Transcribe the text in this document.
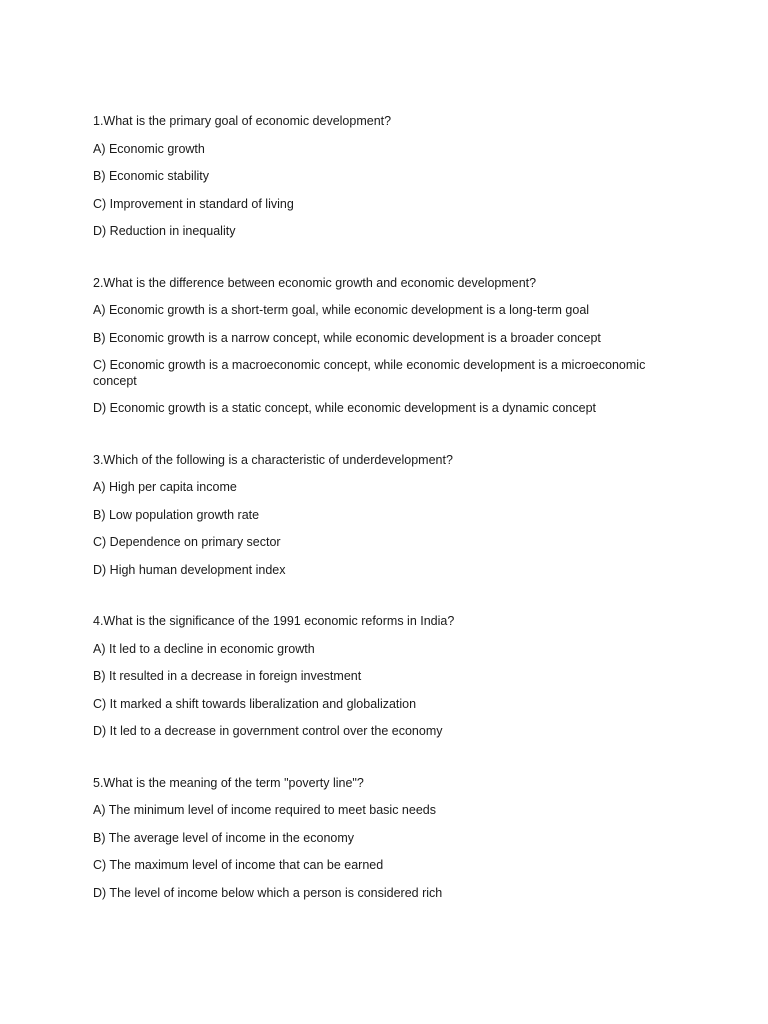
1.What is the primary goal of economic development?
A) Economic growth
B) Economic stability
C) Improvement in standard of living
D) Reduction in inequality
2.What is the difference between economic growth and economic development?
A) Economic growth is a short-term goal, while economic development is a long-term goal
B) Economic growth is a narrow concept, while economic development is a broader concept
C) Economic growth is a macroeconomic concept, while economic development is a microeconomic concept
D) Economic growth is a static concept, while economic development is a dynamic concept
3.Which of the following is a characteristic of underdevelopment?
A) High per capita income
B) Low population growth rate
C) Dependence on primary sector
D) High human development index
4.What is the significance of the 1991 economic reforms in India?
A) It led to a decline in economic growth
B) It resulted in a decrease in foreign investment
C) It marked a shift towards liberalization and globalization
D) It led to a decrease in government control over the economy
5.What is the meaning of the term "poverty line"?
A) The minimum level of income required to meet basic needs
B) The average level of income in the economy
C) The maximum level of income that can be earned
D) The level of income below which a person is considered rich
